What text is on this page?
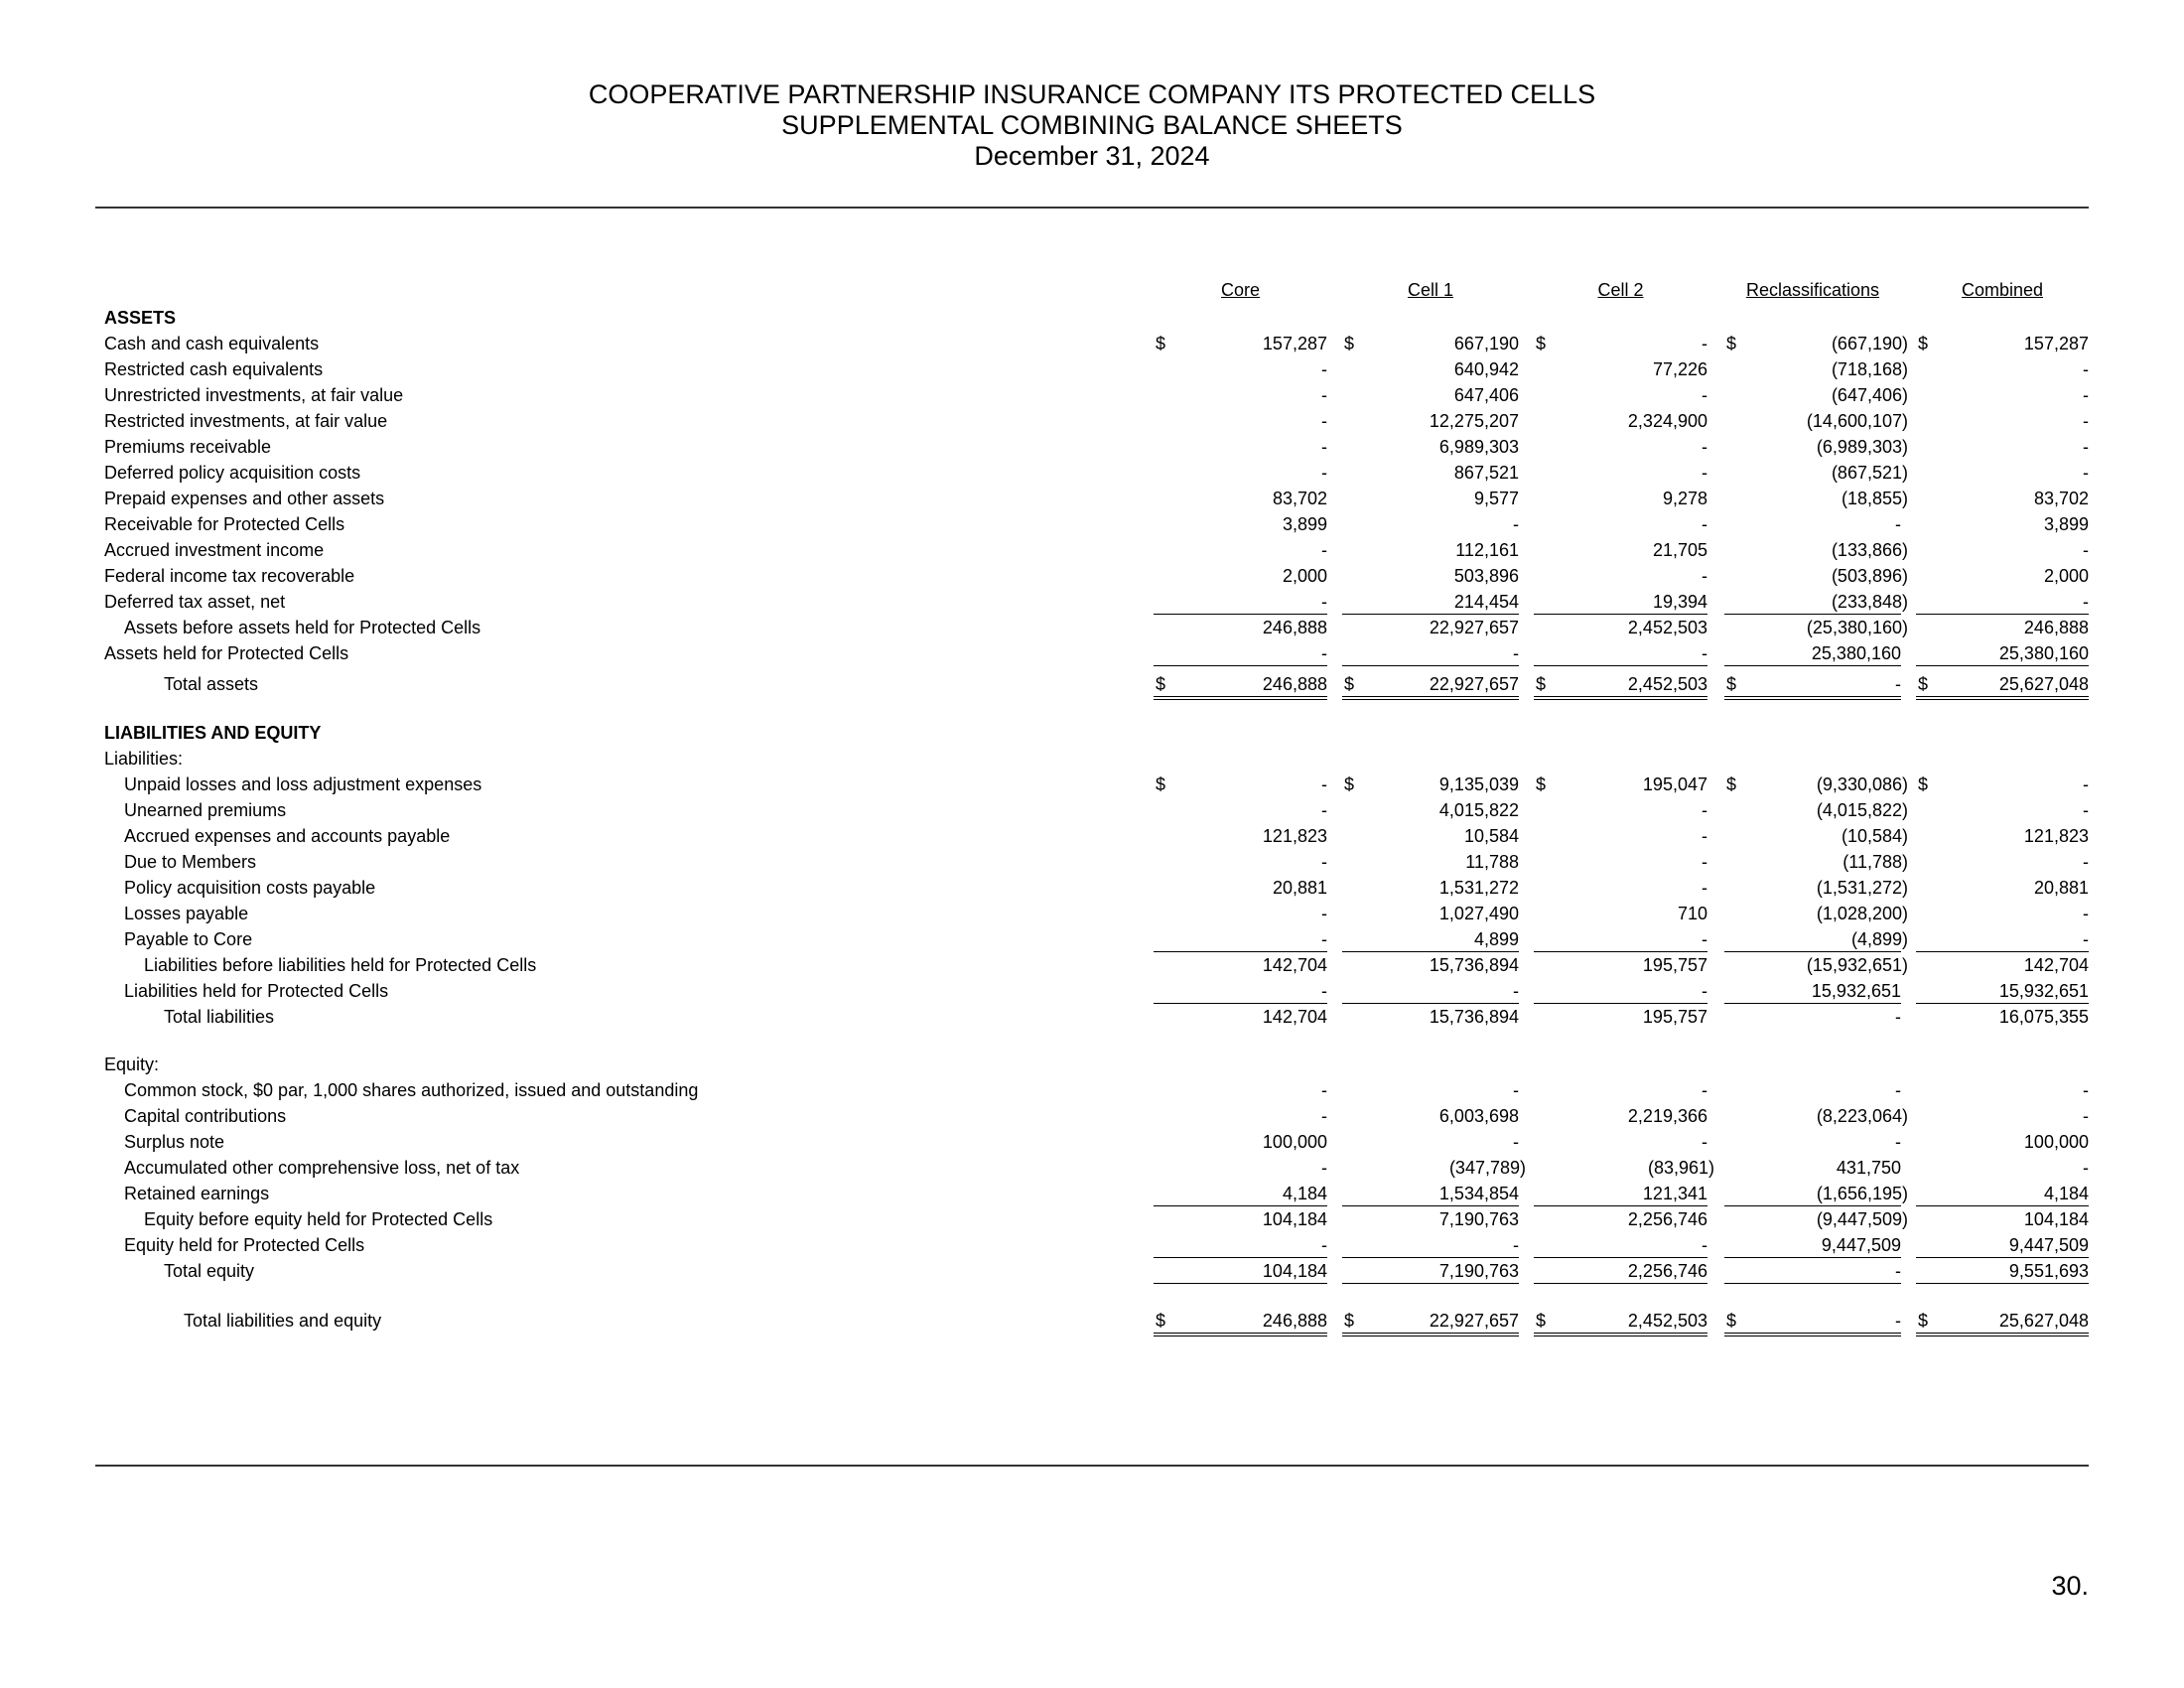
COOPERATIVE PARTNERSHIP INSURANCE COMPANY ITS PROTECTED CELLS
SUPPLEMENTAL COMBINING BALANCE SHEETS
December 31, 2024
Core	Cell 1	Cell 2	Reclassifications	Combined
ASSETS
Cash and cash equivalents	$	157,287 $	667,190 $	- $	(667,190) $	157,287
Restricted cash equivalents	-	640,942	77,226	(718,168)	-
Unrestricted investments, at fair value	-	647,406	-	(647,406)	-
Restricted investments, at fair value	-	12,275,207	2,324,900	(14,600,107)	-
Premiums receivable	-	6,989,303	-	(6,989,303)	-
Deferred policy acquisition costs	-	867,521	-	(867,521)	-
Prepaid expenses and other assets	83,702	9,577	9,278	(18,855)	83,702
Receivable for Protected Cells	3,899	-	-	-	3,899
Accrued investment income	-	112,161	21,705	(133,866)	-
Federal income tax recoverable	2,000	503,896	-	(503,896)	2,000
Deferred tax asset, net	-	214,454	19,394	(233,848)	-
Assets before assets held for Protected Cells	246,888	22,927,657	2,452,503	(25,380,160)	246,888
Assets held for Protected Cells	-	-	-	25,380,160	25,380,160
Total assets	$	246,888 $	22,927,657 $	2,452,503 $	- $	25,627,048
LIABILITIES AND EQUITY
Liabilities:
Unpaid losses and loss adjustment expenses	$	- $	9,135,039 $	195,047 $	(9,330,086) $	-
Unearned premiums	-	4,015,822	-	(4,015,822)	-
Accrued expenses and accounts payable	121,823	10,584	-	(10,584)	121,823
Due to Members	-	11,788	-	(11,788)	-
Policy acquisition costs payable	20,881	1,531,272	-	(1,531,272)	20,881
Losses payable	-	1,027,490	710	(1,028,200)	-
Payable to Core	-	4,899	-	(4,899)	-
Liabilities before liabilities held for Protected Cells	142,704	15,736,894	195,757	(15,932,651)	142,704
Liabilities held for Protected Cells	-	-	-	15,932,651	15,932,651
Total liabilities	142,704	15,736,894	195,757	-	16,075,355
Equity:
Common stock, $0 par, 1,000 shares authorized, issued and outstanding	-	-	-	-	-
Capital contributions	-	6,003,698	2,219,366	(8,223,064)	-
Surplus note	100,000	-	-	-	100,000
Accumulated other comprehensive loss, net of tax	-	(347,789)	(83,961)	431,750	-
Retained earnings	4,184	1,534,854	121,341	(1,656,195)	4,184
Equity before equity held for Protected Cells	104,184	7,190,763	2,256,746	(9,447,509)	104,184
Equity held for Protected Cells	-	-	-	9,447,509	9,447,509
Total equity	104,184	7,190,763	2,256,746	-	9,551,693
Total liabilities and equity	$	246,888 $	22,927,657 $	2,452,503 $	- $	25,627,048
30.
